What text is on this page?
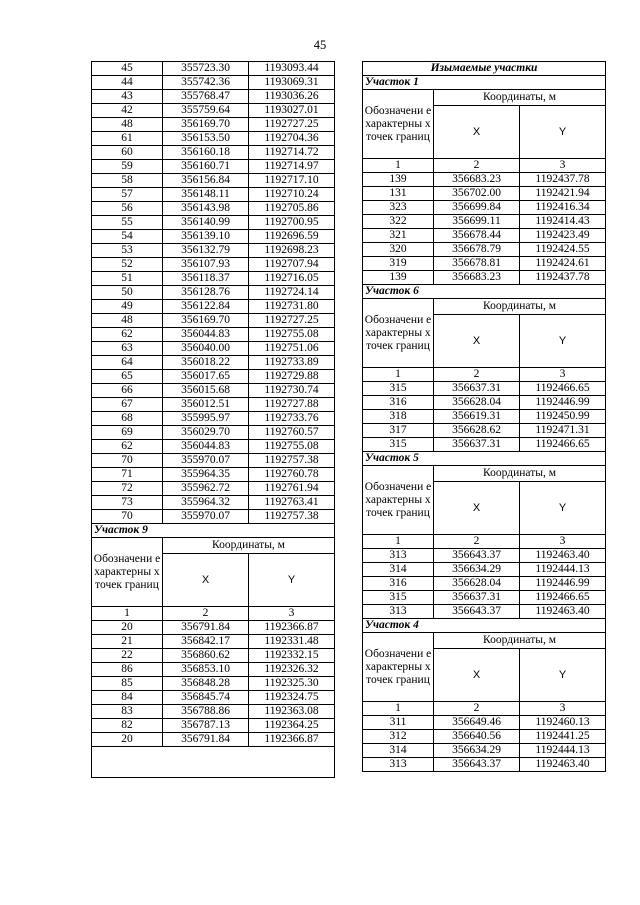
45
45	355723.30	1193093.44
44	355742.36	1193069.31
43	355768.47	1193036.26
42	355759.64	1193027.01
48	356169.70	1192727.25
61	356153.50	1192704.36
60	356160.18	1192714.72
59	356160.71	1192714.97
58	356156.84	1192717.10
57	356148.11	1192710.24
56	356143.98	1192705.86
55	356140.99	1192700.95
54	356139.10	1192696.59
53	356132.79	1192698.23
52	356107.93	1192707.94
51	356118.37	1192716.05
50	356128.76	1192724.14
49	356122.84	1192731.80
48	356169.70	1192727.25
62	356044.83	1192755.08
63	356040.00	1192751.06
64	356018.22	1192733.89
65	356017.65	1192729.88
66	356015.68	1192730.74
67	356012.51	1192727.88
68	355995.97	1192733.76
69	356029.70	1192760.57
62	356044.83	1192755.08
70	355970.07	1192757.38
71	355964.35	1192760.78
72	355962.72	1192761.94
73	355964.32	1192763.41
70	355970.07	1192757.38
Участок 9		
Обозначени е характерны х точек границ	Координаты, м	
	X	Y
1	2	3
20	356791.84	1192366.87
21	356842.17	1192331.48
22	356860.62	1192332.15
86	356853.10	1192326.32
85	356848.28	1192325.30
84	356845.74	1192324.75
83	356788.86	1192363.08
82	356787.13	1192364.25
20	356791.84	1192366.87

Изымаемые участки		
Участок 1		
Обозначени е характерны х точек границ	Координаты, м	
	X	Y
1	2	3
139	356683.23	1192437.78
131	356702.00	1192421.94
323	356699.84	1192416.34
322	356699.11	1192414.43
321	356678.44	1192423.49
320	356678.79	1192424.55
319	356678.81	1192424.61
139	356683.23	1192437.78
Участок 6		
Обозначени е характерны х точек границ	Координаты, м	
	X	Y
1	2	3
315	356637.31	1192466.65
316	356628.04	1192446.99
318	356619.31	1192450.99
317	356628.62	1192471.31
315	356637.31	1192466.65
Участок 5		
Обозначени е характерны х точек границ	Координаты, м	
	X	Y
1	2	3
313	356643.37	1192463.40
314	356634.29	1192444.13
316	356628.04	1192446.99
315	356637.31	1192466.65
313	356643.37	1192463.40
Участок 4		
Обозначени е характерны х точек границ	Координаты, м	
	X	Y
1	2	3
311	356649.46	1192460.13
312	356640.56	1192441.25
314	356634.29	1192444.13
313	356643.37	1192463.40
